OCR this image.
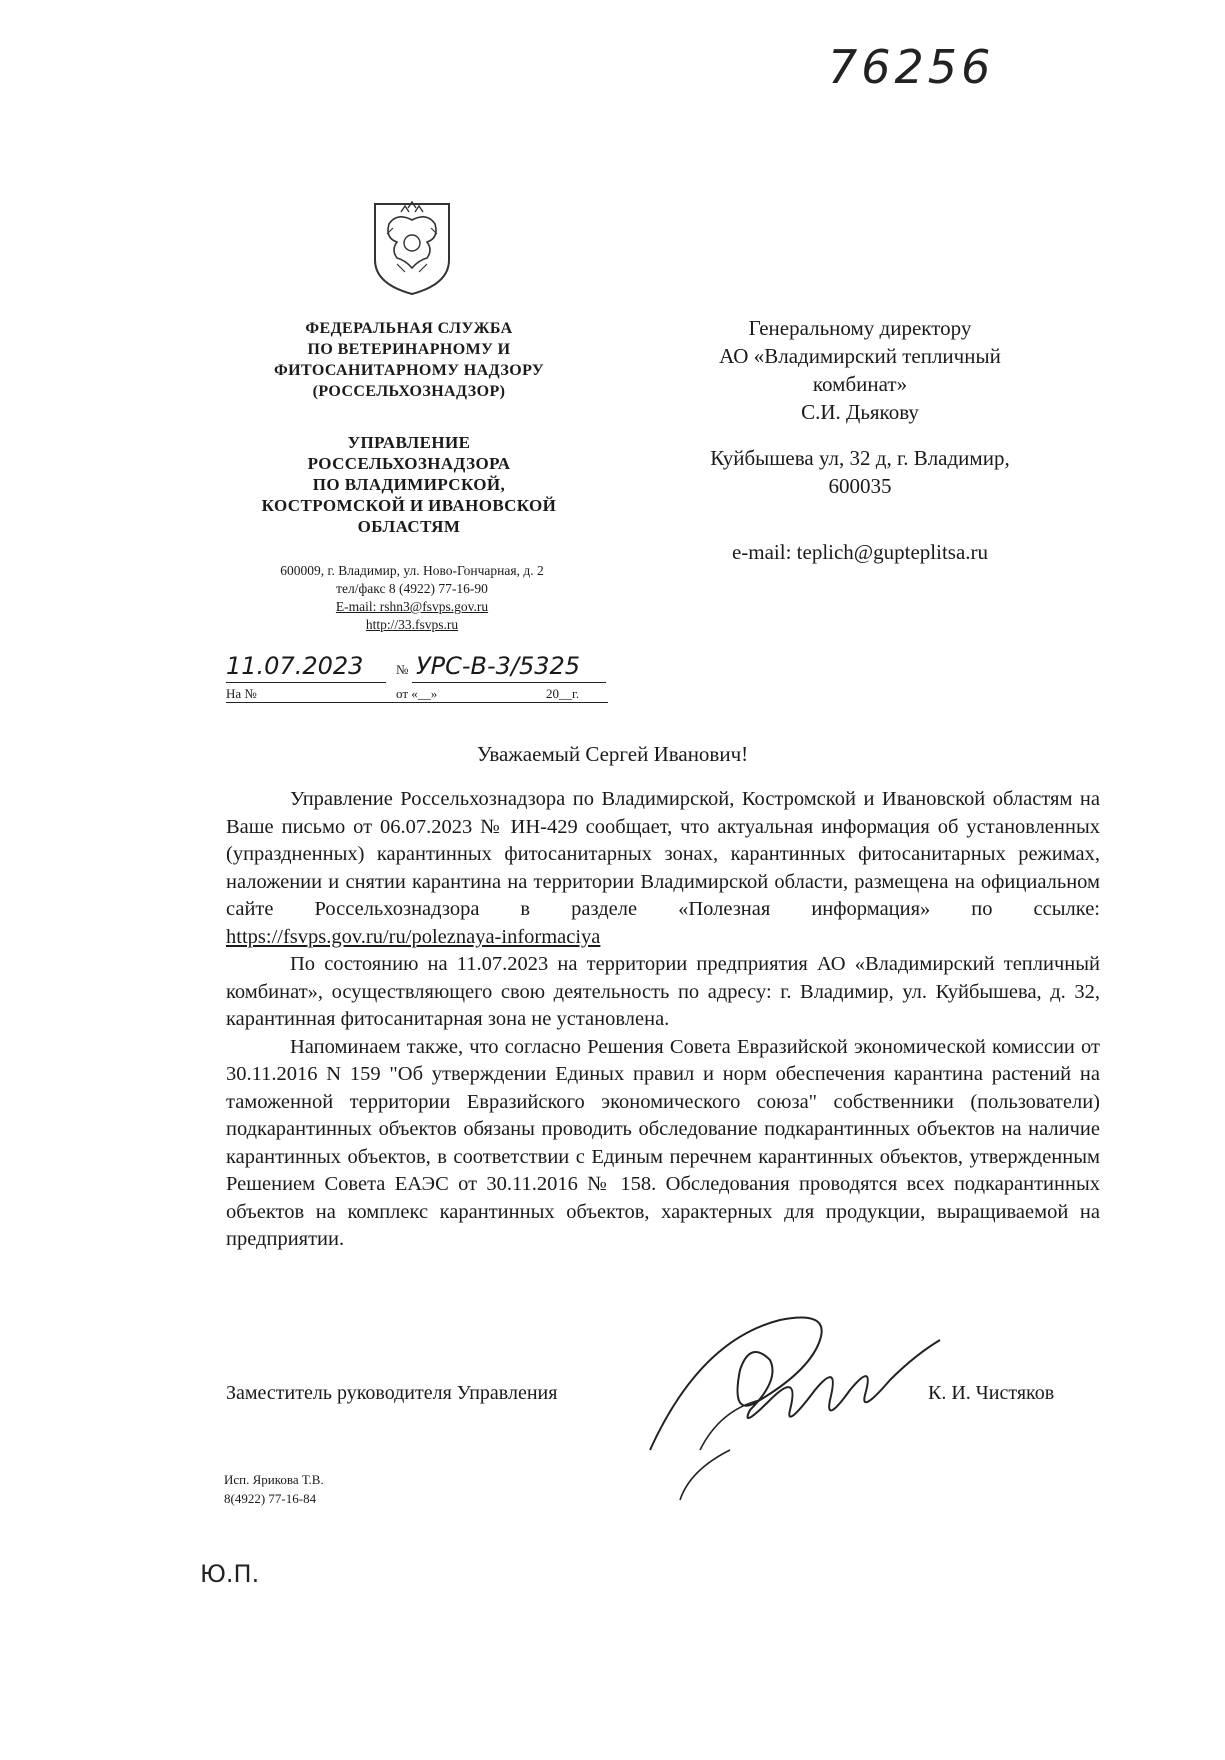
76256
ФЕДЕРАЛЬНАЯ СЛУЖБА
ПО ВЕТЕРИНАРНОМУ И
ФИТОСАНИТАРНОМУ НАДЗОРУ
(РОССЕЛЬХОЗНАДЗОР)
УПРАВЛЕНИЕ
РОССЕЛЬХОЗНАДЗОРА
ПО ВЛАДИМИРСКОЙ,
КОСТРОМСКОЙ И ИВАНОВСКОЙ
ОБЛАСТЯМ
600009, г. Владимир, ул. Ново-Гончарная, д. 2
тел/факс 8 (4922) 77-16-90
E-mail: rshn3@fsvps.gov.ru
http://33.fsvps.ru
11.07.2023	№ УРС-В-3/5325
На №	от «__»	20__г.
Генеральному директору
АО «Владимирский тепличный
комбинат»
С.И. Дьякову
Куйбышева ул, 32 д, г. Владимир,
600035
e-mail: teplich@gupteplitsa.ru
Уважаемый Сергей Иванович!

Управление Россельхознадзора по Владимирской, Костромской и Ивановской областям на Ваше письмо от 06.07.2023 № ИН-429 сообщает, что актуальная информация об установленных (упраздненных) карантинных фитосанитарных зонах, карантинных фитосанитарных режимах, наложении и снятии карантина на территории Владимирской области, размещена на официальном сайте Россельхознадзора в разделе «Полезная информация» по ссылке: https://fsvps.gov.ru/ru/poleznaya-informaciya

По состоянию на 11.07.2023 на территории предприятия АО «Владимирский тепличный комбинат», осуществляющего свою деятельность по адресу: г. Владимир, ул. Куйбышева, д. 32, карантинная фитосанитарная зона не установлена.

Напоминаем также, что согласно Решения Совета Евразийской экономической комиссии от 30.11.2016 N 159 "Об утверждении Единых правил и норм обеспечения карантина растений на таможенной территории Евразийского экономического союза" собственники (пользователи) подкарантинных объектов обязаны проводить обследование подкарантинных объектов на наличие карантинных объектов, в соответствии с Единым перечнем карантинных объектов, утвержденным Решением Совета ЕАЭС от 30.11.2016 № 158. Обследования проводятся всех подкарантинных объектов на комплекс карантинных объектов, характерных для продукции, выращиваемой на предприятии.

Заместитель руководителя Управления	К. И. Чистяков
Исп. Ярикова Т.В.
8(4922) 77-16-84
Ю.П.
